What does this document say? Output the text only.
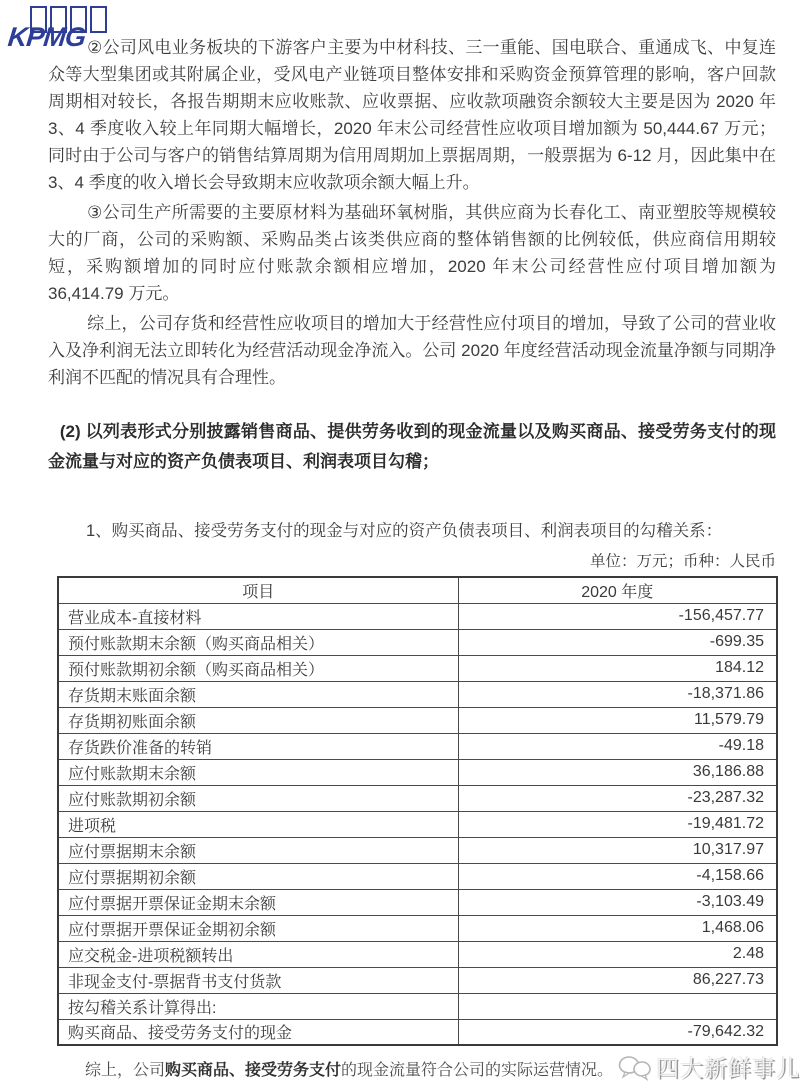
KPMG ②公司风电业务板块的下游客户主要为中材科技、三一重能、国电联合、重通成飞、中复连众等大型集团或其附属企业，受风电产业链项目整体安排和采购资金预算管理的影响，客户回款周期相对较长，各报告期期末应收账款、应收票据、应收款项融资余额较大主要是因为 2020 年 3、4 季度收入较上年同期大幅增长，2020 年末公司经营性应收项目增加额为 50,444.67 万元；同时由于公司与客户的销售结算周期为信用周期加上票据周期，一般票据为 6-12 月，因此集中在 3、4 季度的收入增长会导致期末应收款项余额大幅上升。

③公司生产所需要的主要原材料为基础环氧树脂，其供应商为长春化工、南亚塑胶等规模较大的厂商，公司的采购额、采购品类占该类供应商的整体销售额的比例较低，供应商信用期较短，采购额增加的同时应付账款余额相应增加，2020 年末公司经营性应付项目增加额为 36,414.79 万元。

综上，公司存货和经营性应收项目的增加大于经营性应付项目的增加，导致了公司的营业收入及净利润无法立即转化为经营活动现金净流入。公司 2020 年度经营活动现金流量净额与同期净利润不匹配的情况具有合理性。

(2) 以列表形式分别披露销售商品、提供劳务收到的现金流量以及购买商品、接受劳务支付的现金流量与对应的资产负债表项目、利润表项目勾稽；

1、购买商品、接受劳务支付的现金与对应的资产负债表项目、利润表项目的勾稽关系：

单位：万元；币种：人民币
项目	2020 年度
营业成本-直接材料	-156,457.77
预付账款期末余额（购买商品相关）	-699.35
预付账款期初余额（购买商品相关）	184.12
存货期末账面余额	-18,371.86
存货期初账面余额	11,579.79
存货跌价准备的转销	-49.18
应付账款期末余额	36,186.88
应付账款期初余额	-23,287.32
进项税	-19,481.72
应付票据期末余额	10,317.97
应付票据期初余额	-4,158.66
应付票据开票保证金期末余额	-3,103.49
应付票据开票保证金期初余额	1,468.06
应交税金-进项税额转出	2.48
非现金支付-票据背书支付货款	86,227.73
按勾稽关系计算得出:	
购买商品、接受劳务支付的现金	-79,642.32
综上，公司购买商品、接受劳务支付的现金流量符合公司的实际运营情况。 四大新鲜事儿
